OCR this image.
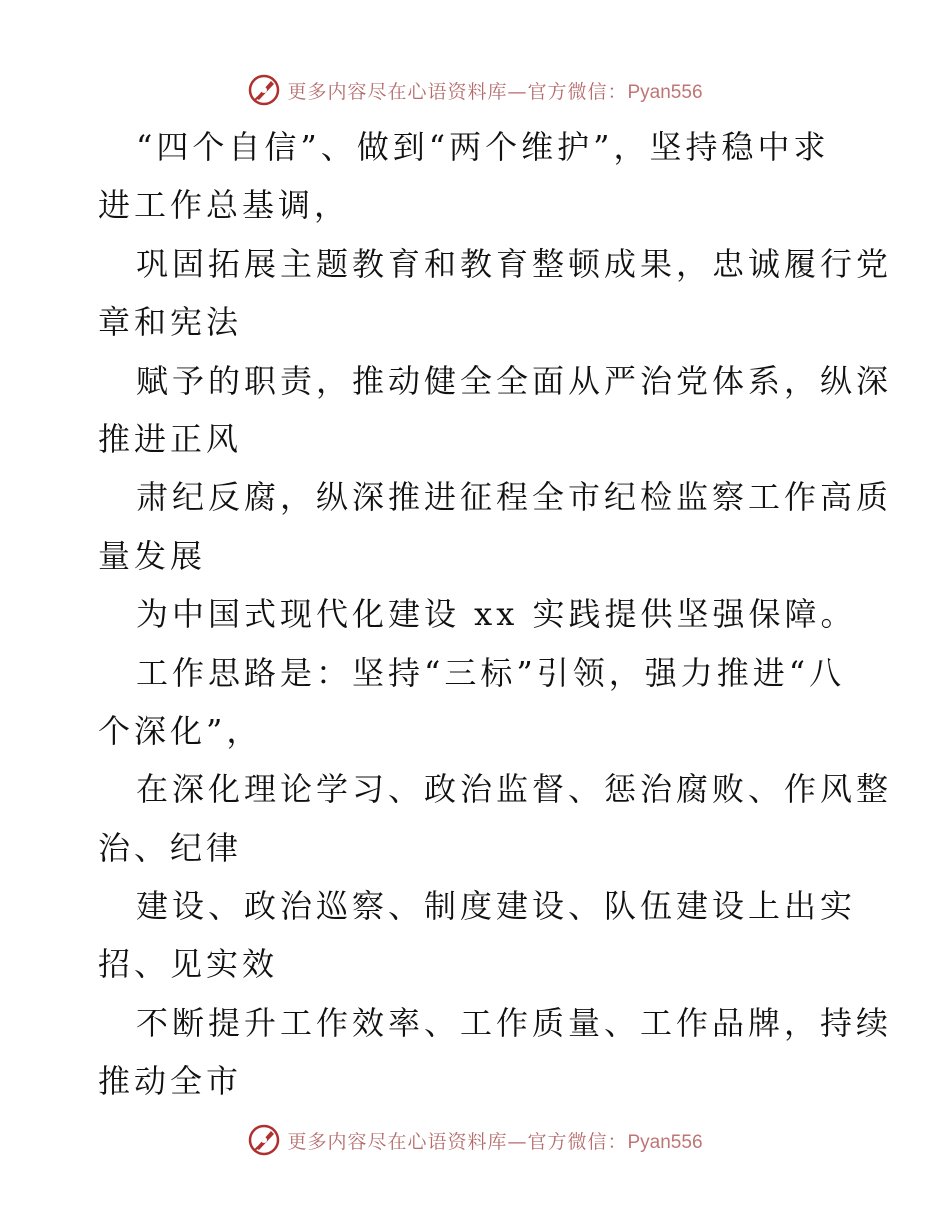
更多内容尽在心语资料库—官方微信：Pyan556
“四个自信”、做到“两个维护”，坚持稳中求
进工作总基调，
巩固拓展主题教育和教育整顿成果，忠诚履行党
章和宪法
赋予的职责，推动健全全面从严治党体系，纵深
推进正风
肃纪反腐，纵深推进征程全市纪检监察工作高质
量发展
为中国式现代化建设 xx 实践提供坚强保障。
工作思路是：坚持“三标”引领，强力推进“八
个深化”，
在深化理论学习、政治监督、惩治腐败、作风整
治、纪律
建设、政治巡察、制度建设、队伍建设上出实
招、见实效
不断提升工作效率、工作质量、工作品牌，持续
推动全市
更多内容尽在心语资料库—官方微信：Pyan556
